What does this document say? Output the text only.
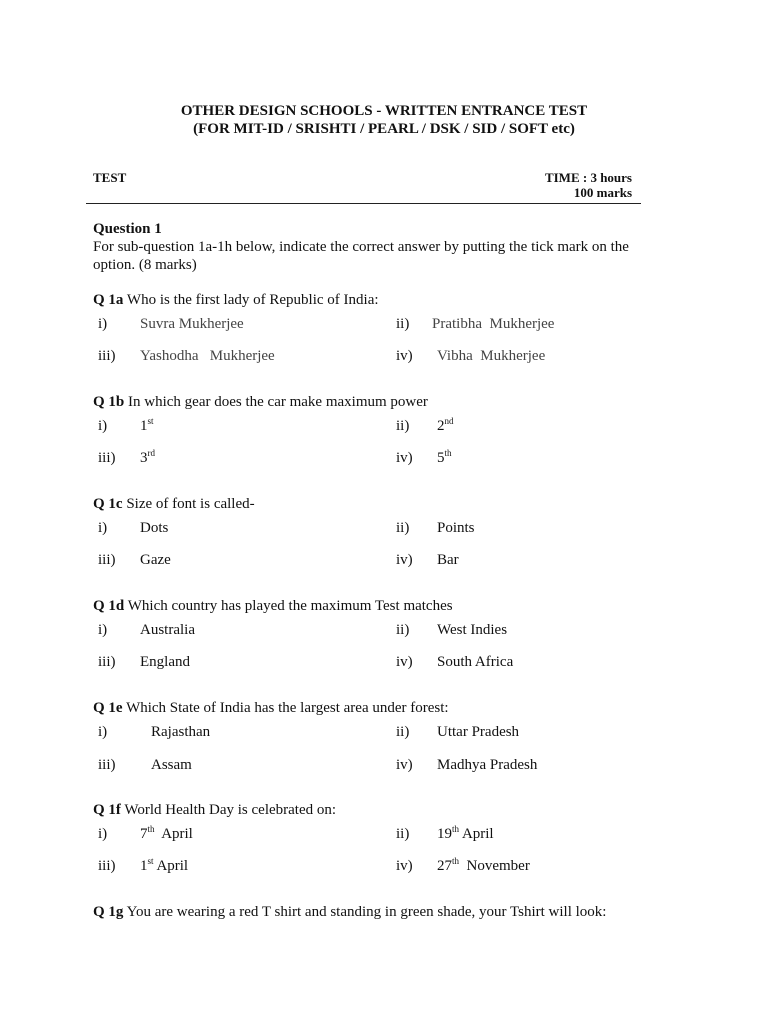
OTHER DESIGN SCHOOLS - WRITTEN ENTRANCE TEST
(FOR MIT-ID / SRISHTI / PEARL / DSK / SID / SOFT etc)
TEST	TIME : 3 hours
100 marks
Question 1
For sub-question 1a-1h below, indicate the correct answer by putting the tick mark on the option. (8 marks)
Q 1a Who is the first lady of Republic of India:
i) Suvra Mukherjee	ii) Pratibha  Mukherjee
iii) Yashodha   Mukherjee	iv) Vibha  Mukherjee
Q 1b In which gear does the car make maximum power
i) 1st	ii) 2nd
iii) 3rd	iv) 5th
Q 1c Size of font is called-
i) Dots	ii) Points
iii) Gaze	iv) Bar
Q 1d Which country has played the maximum Test matches
i) Australia	ii) West Indies
iii) England	iv) South Africa
Q 1e Which State of India has the largest area under forest:
i)	Rajasthan	ii) Uttar Pradesh
iii) Assam	iv) Madhya Pradesh
Q 1f World Health Day is celebrated on:
i) 7th  April	ii) 19th April
iii) 1st April	iv) 27th  November
Q 1g You are wearing a red T shirt and standing in green shade, your Tshirt will look:
